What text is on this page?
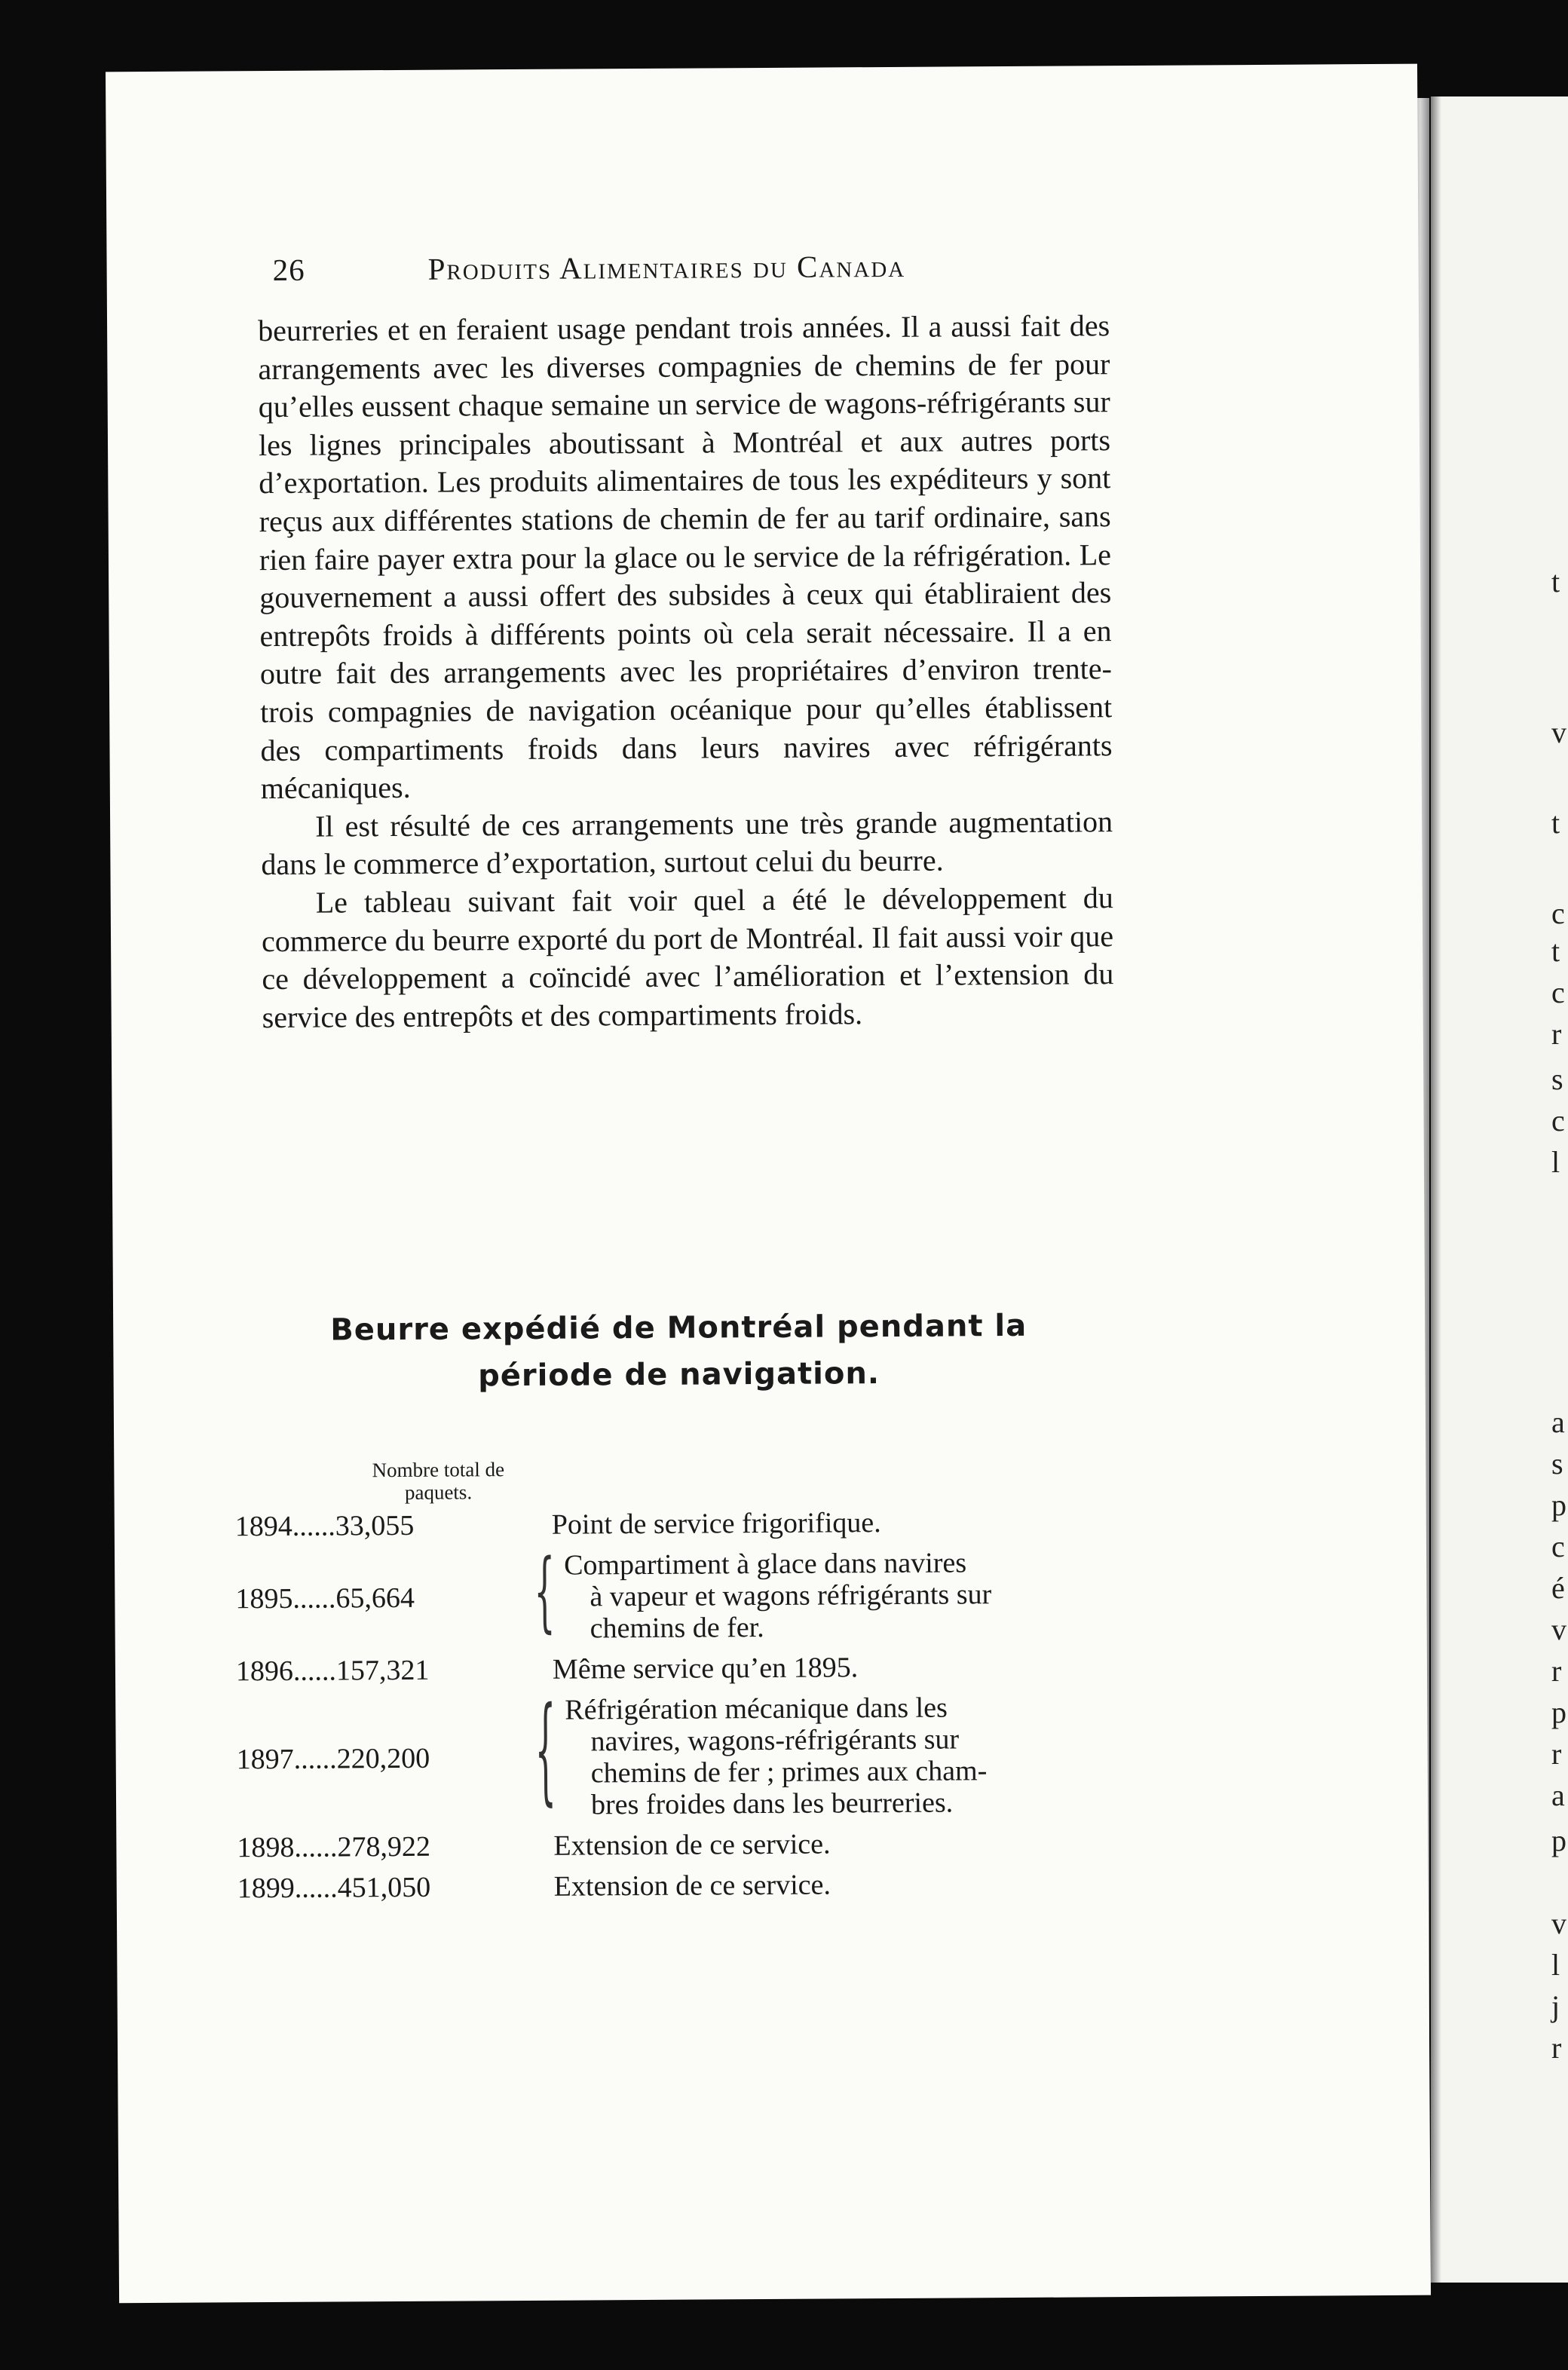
t
v
t
c
t
c
r
s
c
l
a
s
p
c
é
v
r
p
r
a
p
v
l
j
r
26	Produits Alimentaires du Canada

beurreries et en feraient usage pendant trois années. Il a aussi fait des arrangements avec les diverses compagnies de chemins de fer pour qu’elles eussent chaque semaine un service de wagons-réfrigérants sur les lignes principales aboutissant à Montréal et aux autres ports d’exportation. Les produits alimentaires de tous les expéditeurs y sont reçus aux différentes stations de chemin de fer au tarif ordinaire, sans rien faire payer extra pour la glace ou le service de la réfrigération. Le gouvernement a aussi offert des subsides à ceux qui établiraient des entrepôts froids à différents points où cela serait nécessaire. Il a en outre fait des arrangements avec les propriétaires d’environ trente-trois compagnies de navigation océanique pour qu’elles établissent des compartiments froids dans leurs navires avec réfrigérants mécaniques.

Il est résulté de ces arrangements une très grande augmentation dans le commerce d’exportation, surtout celui du beurre.

Le tableau suivant fait voir quel a été le développement du commerce du beurre exporté du port de Montréal. Il fait aussi voir que ce développement a coïncidé avec l’amélioration et l’extension du service des entrepôts et des compartiments froids.

Beurre expédié de Montréal pendant la
période de navigation.
Nombre total de paquets.
1894......33,055	Point de service frigorifique.
1895......65,664	{ Compartiment à glace dans navires
à vapeur et wagons réfrigérants sur
chemins de fer.
1896......157,321	Même service qu’en 1895.
1897......220,200	{ Réfrigération mécanique dans les
navires, wagons-réfrigérants sur
chemins de fer ; primes aux cham-
bres froides dans les beurreries.
1898......278,922	Extension de ce service.
1899......451,050	Extension de ce service.
